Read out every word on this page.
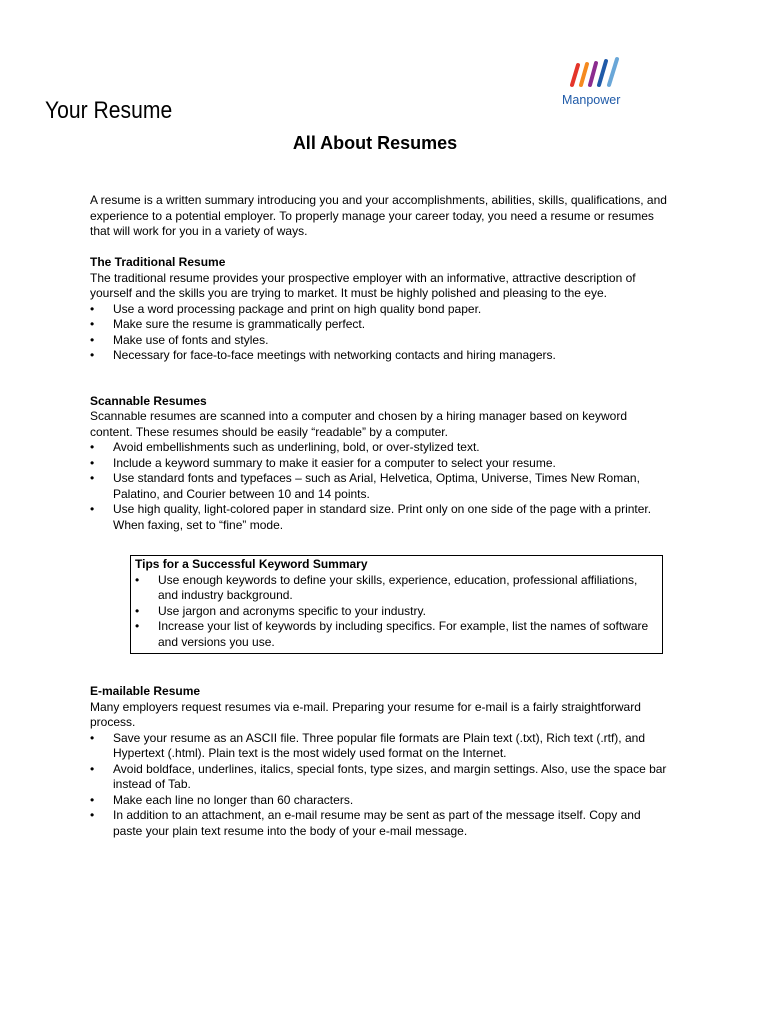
Your Resume	Manpower
All About Resumes

A resume is a written summary introducing you and your accomplishments, abilities, skills, qualifications, and experience to a potential employer. To properly manage your career today, you need a resume or resumes that will work for you in a variety of ways.

The Traditional Resume

The traditional resume provides your prospective employer with an informative, attractive description of yourself and the skills you are trying to market. It must be highly polished and pleasing to the eye.

• Use a word processing package and print on high quality bond paper.
• Make sure the resume is grammatically perfect.
• Make use of fonts and styles.
• Necessary for face-to-face meetings with networking contacts and hiring managers.

Scannable Resumes

Scannable resumes are scanned into a computer and chosen by a hiring manager based on keyword content. These resumes should be easily “readable” by a computer.

• Avoid embellishments such as underlining, bold, or over-stylized text.
• Include a keyword summary to make it easier for a computer to select your resume.
• Use standard fonts and typefaces – such as Arial, Helvetica, Optima, Universe, Times New Roman, Palatino, and Courier between 10 and 14 points.
• Use high quality, light-colored paper in standard size. Print only on one side of the page with a printer. When faxing, set to “fine” mode.

Tips for a Successful Keyword Summary

• Use enough keywords to define your skills, experience, education, professional affiliations, and industry background.
• Use jargon and acronyms specific to your industry.
• Increase your list of keywords by including specifics. For example, list the names of software and versions you use.

E-mailable Resume

Many employers request resumes via e-mail. Preparing your resume for e-mail is a fairly straightforward process.

• Save your resume as an ASCII file. Three popular file formats are Plain text (.txt), Rich text (.rtf), and Hypertext (.html). Plain text is the most widely used format on the Internet.
• Avoid boldface, underlines, italics, special fonts, type sizes, and margin settings. Also, use the space bar instead of Tab.
• Make each line no longer than 60 characters.
• In addition to an attachment, an e-mail resume may be sent as part of the message itself. Copy and paste your plain text resume into the body of your e-mail message.
